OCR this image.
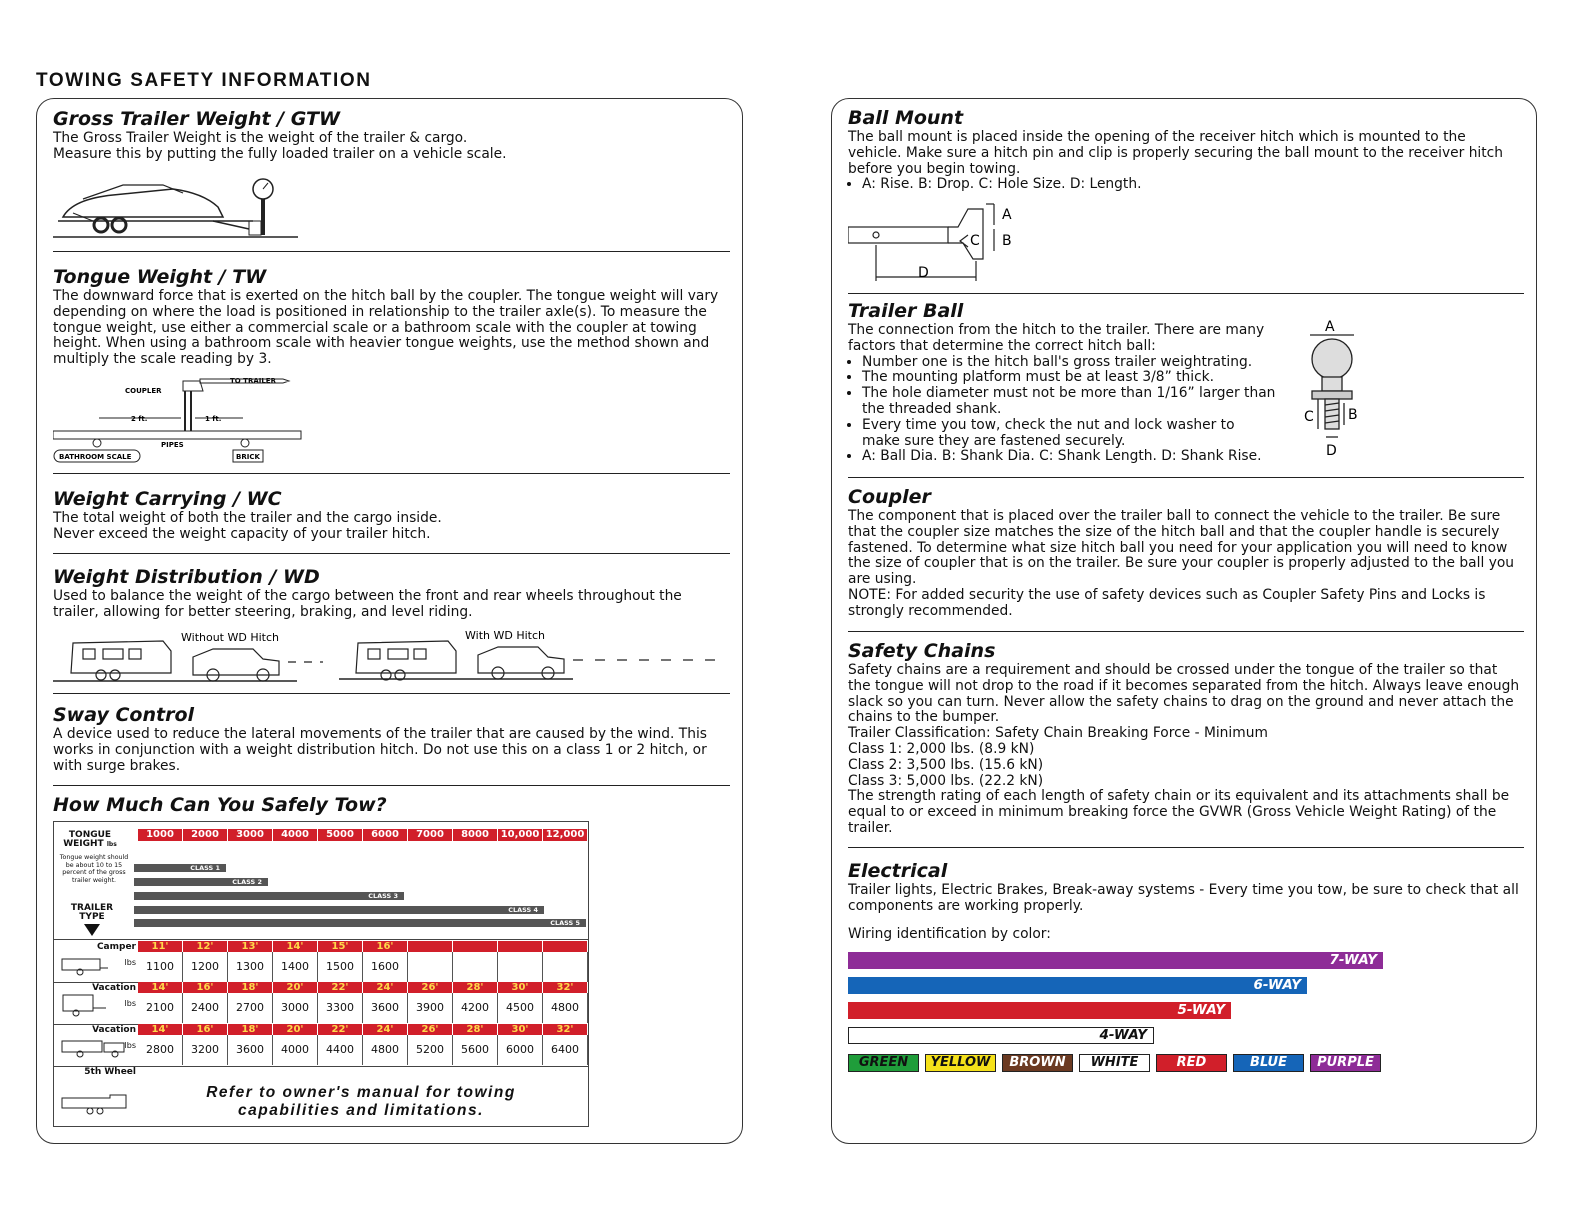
TOWING SAFETY INFORMATION
Gross Trailer Weight / GTW

The Gross Trailer Weight is the weight of the trailer & cargo.

Measure this by putting the fully loaded trailer on a vehicle scale.

Tongue Weight / TW

The downward force that is exerted on the hitch ball by the coupler. The tongue weight will vary depending on where the load is positioned in relationship to the trailer axle(s). To measure the tongue weight, use either a commercial scale or a bathroom scale with the coupler at towing height. When using a bathroom scale with heavier tongue weights, use the method shown and multiply the scale reading by 3.

COUPLER
TO TRAILER
2 ft.	1 ft.
PIPES
BATHROOM SCALE	BRICK
Weight Carrying / WC

The total weight of both the trailer and the cargo inside.

Never exceed the weight capacity of your trailer hitch.

Weight Distribution / WD

Used to balance the weight of the cargo between the front and rear wheels throughout the trailer, allowing for better steering, braking, and level riding.

Without WD Hitch	With WD Hitch
Sway Control

A device used to reduce the lateral movements of the trailer that are caused by the wind. This works in conjunction with a weight distribution hitch. Do not use this on a class 1 or 2 hitch, or with surge brakes.

How Much Can You Safely Tow?
TONGUE WEIGHT lbs
1000	2000	3000	4000	5000	6000	7000	8000	10,000 12,000
Tongue weight should be about 10 to 15 percent of the gross trailer weight.
TRAILER TYPE
CLASS 1
CLASS 2
CLASS 3
CLASS 4
CLASS 5
Camper	11'	12'	13'	14'	15'	16'
lbs 1100	1200	1300	1400	1500	1600
Vacation	14'	16'	18'	20'	22'	24'	26'	28'	30'	32'
lbs 2100	2400	2700	3000	3300	3600	3900	4200	4500	4800
Vacation	14'	16'	18'	20'	22'	24'	26'	28'	30'	32'
lbs 2800	3200	3600	4000	4400	4800	5200	5600	6000	6400
5th Wheel
Refer to owner's manual for towing capabilities and limitations.
Ball Mount

The ball mount is placed inside the opening of the receiver hitch which is mounted to the vehicle. Make sure a hitch pin and clip is properly securing the ball mount to the receiver hitch before you begin towing.

• A: Rise. B: Drop. C: Hole Size. D: Length.
A
B
C
D
Trailer Ball

The connection from the hitch to the trailer. There are many factors that determine the correct hitch ball:

• Number one is the hitch ball's gross trailer weightrating.
• The mounting platform must be at least 3/8” thick.
• The hole diameter must not be more than 1/16” larger than the threaded shank.
• Every time you tow, check the nut and lock washer to make sure they are fastened securely.
• A: Ball Dia. B: Shank Dia. C: Shank Length. D: Shank Rise.
A
B
C
D
Coupler

The component that is placed over the trailer ball to connect the vehicle to the trailer. Be sure that the coupler size matches the size of the hitch ball and that the coupler handle is securely fastened. To determine what size hitch ball you need for your application you will need to know the size of coupler that is on the trailer. Be sure your coupler is properly adjusted to the ball you are using.

NOTE: For added security the use of safety devices such as Coupler Safety Pins and Locks is strongly recommended.

Safety Chains

Safety chains are a requirement and should be crossed under the tongue of the trailer so that the tongue will not drop to the road if it becomes separated from the hitch. Always leave enough slack so you can turn. Never allow the safety chains to drag on the ground and never attach the chains to the bumper.

Trailer Classification: Safety Chain Breaking Force - Minimum

Class 1: 2,000 lbs. (8.9 kN)

Class 2: 3,500 lbs. (15.6 kN)

Class 3: 5,000 lbs. (22.2 kN)

The strength rating of each length of safety chain or its equivalent and its attachments shall be equal to or exceed in minimum breaking force the GVWR (Gross Vehicle Weight Rating) of the trailer.

Electrical

Trailer lights, Electric Brakes, Break-away systems - Every time you tow, be sure to check that all components are working properly.

Wiring identification by color:

7-WAY
6-WAY
5-WAY
4-WAY
GREEN	YELLOW	BROWN	WHITE	RED	BLUE	PURPLE
